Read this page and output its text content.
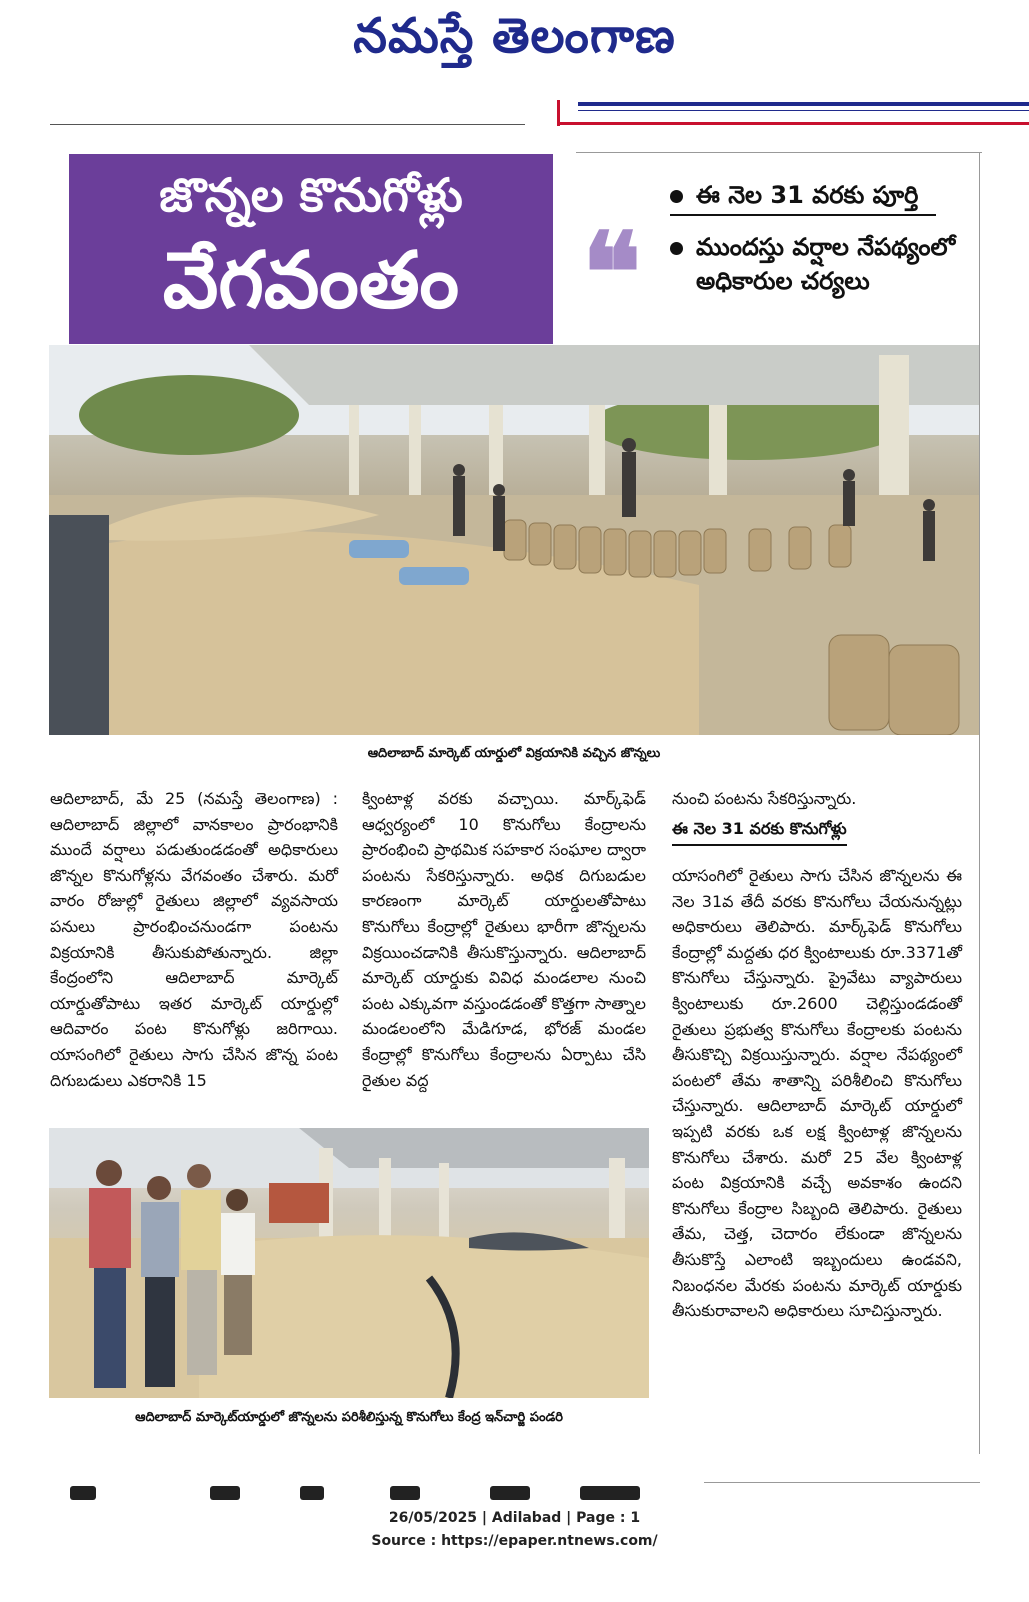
నమస్తే తెలంగాణ
జొన్నల కొనుగోళ్లు
వేగవంతం	❝
ఈ నెల 31 వరకు పూర్తి
ముందస్తు వర్షాల నేపథ్యంలో అధికారుల చర్యలు
ఆదిలాబాద్ మార్కెట్ యార్డులో విక్రయానికి వచ్చిన జొన్నలు
ఆదిలాబాద్, మే 25 (నమస్తే తెలంగాణ) : ఆదిలాబాద్ జిల్లాలో వానకాలం ప్రారంభానికి ముందే వర్షాలు పడుతుండడంతో అధికారులు జొన్నల కొనుగోళ్లను వేగవంతం చేశారు. మరో వారం రోజుల్లో రైతులు జిల్లాలో వ్యవసాయ పనులు ప్రారంభించనుండగా పంటను విక్రయానికి తీసుకుపోతున్నారు. జిల్లా కేంద్రంలోని ఆదిలాబాద్ మార్కెట్ యార్డుతోపాటు ఇతర మార్కెట్ యార్డుల్లో ఆదివారం పంట కొనుగోళ్లు జరిగాయి. యాసంగిలో రైతులు సాగు చేసిన జొన్న పంట దిగుబడులు ఎకరానికి 15
క్వింటాళ్ల వరకు వచ్చాయి. మార్క్‌ఫెడ్ ఆధ్వర్యంలో 10 కొనుగోలు కేంద్రాలను ప్రారంభించి ప్రాథమిక సహకార సంఘాల ద్వారా పంటను సేకరిస్తున్నారు. అధిక దిగుబడుల కారణంగా మార్కెట్ యార్డులతోపాటు కొనుగోలు కేంద్రాల్లో రైతులు భారీగా జొన్నలను విక్రయించడానికి తీసుకొస్తున్నారు. ఆదిలాబాద్ మార్కెట్ యార్డుకు వివిధ మండలాల నుంచి పంట ఎక్కువగా వస్తుండడంతో కొత్తగా సాత్నాల మండలంలోని మేడిగూడ, భోరజ్ మండల కేంద్రాల్లో కొనుగోలు కేంద్రాలను ఏర్పాటు చేసి రైతుల వద్ద
నుంచి పంటను సేకరిస్తున్నారు.
ఈ నెల 31 వరకు కొనుగోళ్లు
యాసంగిలో రైతులు సాగు చేసిన జొన్నలను ఈ నెల 31వ తేదీ వరకు కొనుగోలు చేయనున్నట్లు అధికారులు తెలిపారు. మార్క్‌ఫెడ్ కొనుగోలు కేంద్రాల్లో మద్దతు ధర క్వింటాలుకు రూ.3371తో కొనుగోలు చేస్తున్నారు. ప్రైవేటు వ్యాపారులు క్వింటాలుకు రూ.2600 చెల్లిస్తుండడంతో రైతులు ప్రభుత్వ కొనుగోలు కేంద్రాలకు పంటను తీసుకొచ్చి విక్రయిస్తున్నారు. వర్షాల నేపథ్యంలో పంటలో తేమ శాతాన్ని పరిశీలించి కొనుగోలు చేస్తున్నారు. ఆదిలాబాద్ మార్కెట్ యార్డులో ఇప్పటి వరకు ఒక లక్ష క్వింటాళ్ల జొన్నలను కొనుగోలు చేశారు. మరో 25 వేల క్వింటాళ్ల పంట విక్రయానికి వచ్చే అవకాశం ఉందని కొనుగోలు కేంద్రాల సిబ్బంది తెలిపారు. రైతులు తేమ, చెత్త, చెదారం లేకుండా జొన్నలను తీసుకొస్తే ఎలాంటి ఇబ్బందులు ఉండవని, నిబంధనల మేరకు పంటను మార్కెట్ యార్డుకు తీసుకురావాలని అధికారులు సూచిస్తున్నారు.
ఆదిలాబాద్ మార్కెట్‌యార్డులో జొన్నలను పరిశీలిస్తున్న కొనుగోలు కేంద్ర ఇన్‌చార్జి పండరి
26/05/2025 | Adilabad | Page : 1
Source : https://epaper.ntnews.com/
